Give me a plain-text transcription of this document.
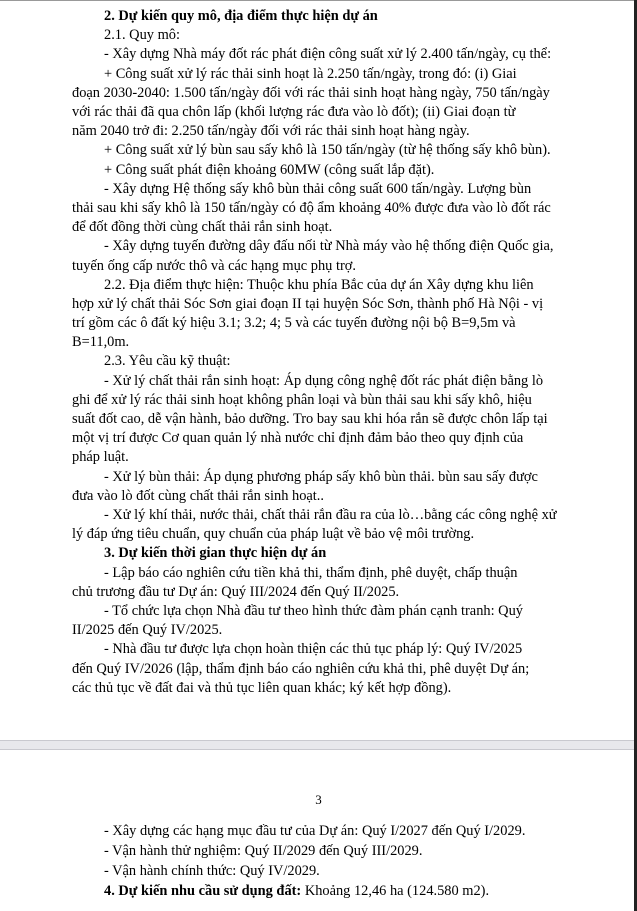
2. Dự kiến quy mô, địa điểm thực hiện dự án
2.1. Quy mô:
- Xây dựng Nhà máy đốt rác phát điện công suất xử lý 2.400 tấn/ngày, cụ thể:
+ Công suất xử lý rác thải sinh hoạt là 2.250 tấn/ngày, trong đó: (i) Giai
đoạn 2030-2040: 1.500 tấn/ngày đối với rác thải sinh hoạt hàng ngày, 750 tấn/ngày
với rác thải đã qua chôn lấp (khối lượng rác đưa vào lò đốt); (ii) Giai đoạn từ
năm 2040 trở đi: 2.250 tấn/ngày đối với rác thải sinh hoạt hàng ngày.
+ Công suất xử lý bùn sau sấy khô là 150 tấn/ngày (từ hệ thống sấy khô bùn).
+ Công suất phát điện khoảng 60MW (công suất lắp đặt).
- Xây dựng Hệ thống sấy khô bùn thải công suất 600 tấn/ngày. Lượng bùn
thải sau khi sấy khô là 150 tấn/ngày có độ ẩm khoảng 40% được đưa vào lò đốt rác
để đốt đồng thời cùng chất thải rắn sinh hoạt.
- Xây dựng tuyến đường dây đấu nối từ Nhà máy vào hệ thống điện Quốc gia,
tuyến ống cấp nước thô và các hạng mục phụ trợ.
2.2. Địa điểm thực hiện: Thuộc khu phía Bắc của dự án Xây dựng khu liên
hợp xử lý chất thải Sóc Sơn giai đoạn II tại huyện Sóc Sơn, thành phố Hà Nội - vị
trí gồm các ô đất ký hiệu 3.1; 3.2; 4; 5 và các tuyến đường nội bộ B=9,5m và
B=11,0m.
2.3. Yêu cầu kỹ thuật:
- Xử lý chất thải rắn sinh hoạt: Áp dụng công nghệ đốt rác phát điện bằng lò
ghi để xử lý rác thải sinh hoạt không phân loại và bùn thải sau khi sấy khô, hiệu
suất đốt cao, dễ vận hành, bảo dưỡng. Tro bay sau khi hóa rắn sẽ được chôn lấp tại
một vị trí được Cơ quan quản lý nhà nước chỉ định đảm bảo theo quy định của
pháp luật.
- Xử lý bùn thải: Áp dụng phương pháp sấy khô bùn thải. bùn sau sấy được
đưa vào lò đốt cùng chất thải rắn sinh hoạt..
- Xử lý khí thải, nước thải, chất thải rắn đầu ra của lò…bằng các công nghệ xử
lý đáp ứng tiêu chuẩn, quy chuẩn của pháp luật về bảo vệ môi trường.
3. Dự kiến thời gian thực hiện dự án
- Lập báo cáo nghiên cứu tiền khả thi, thẩm định, phê duyệt, chấp thuận
chủ trương đầu tư Dự án: Quý III/2024 đến Quý II/2025.
- Tổ chức lựa chọn Nhà đầu tư theo hình thức đàm phán cạnh tranh: Quý
II/2025 đến Quý IV/2025.
- Nhà đầu tư được lựa chọn hoàn thiện các thủ tục pháp lý: Quý IV/2025
đến Quý IV/2026 (lập, thẩm định báo cáo nghiên cứu khả thi, phê duyệt Dự án;
các thủ tục về đất đai và thủ tục liên quan khác; ký kết hợp đồng).
3
- Xây dựng các hạng mục đầu tư của Dự án: Quý I/2027 đến Quý I/2029.
- Vận hành thử nghiệm: Quý II/2029 đến Quý III/2029.
- Vận hành chính thức: Quý IV/2029.
4. Dự kiến nhu cầu sử dụng đất: Khoảng 12,46 ha (124.580 m2).
